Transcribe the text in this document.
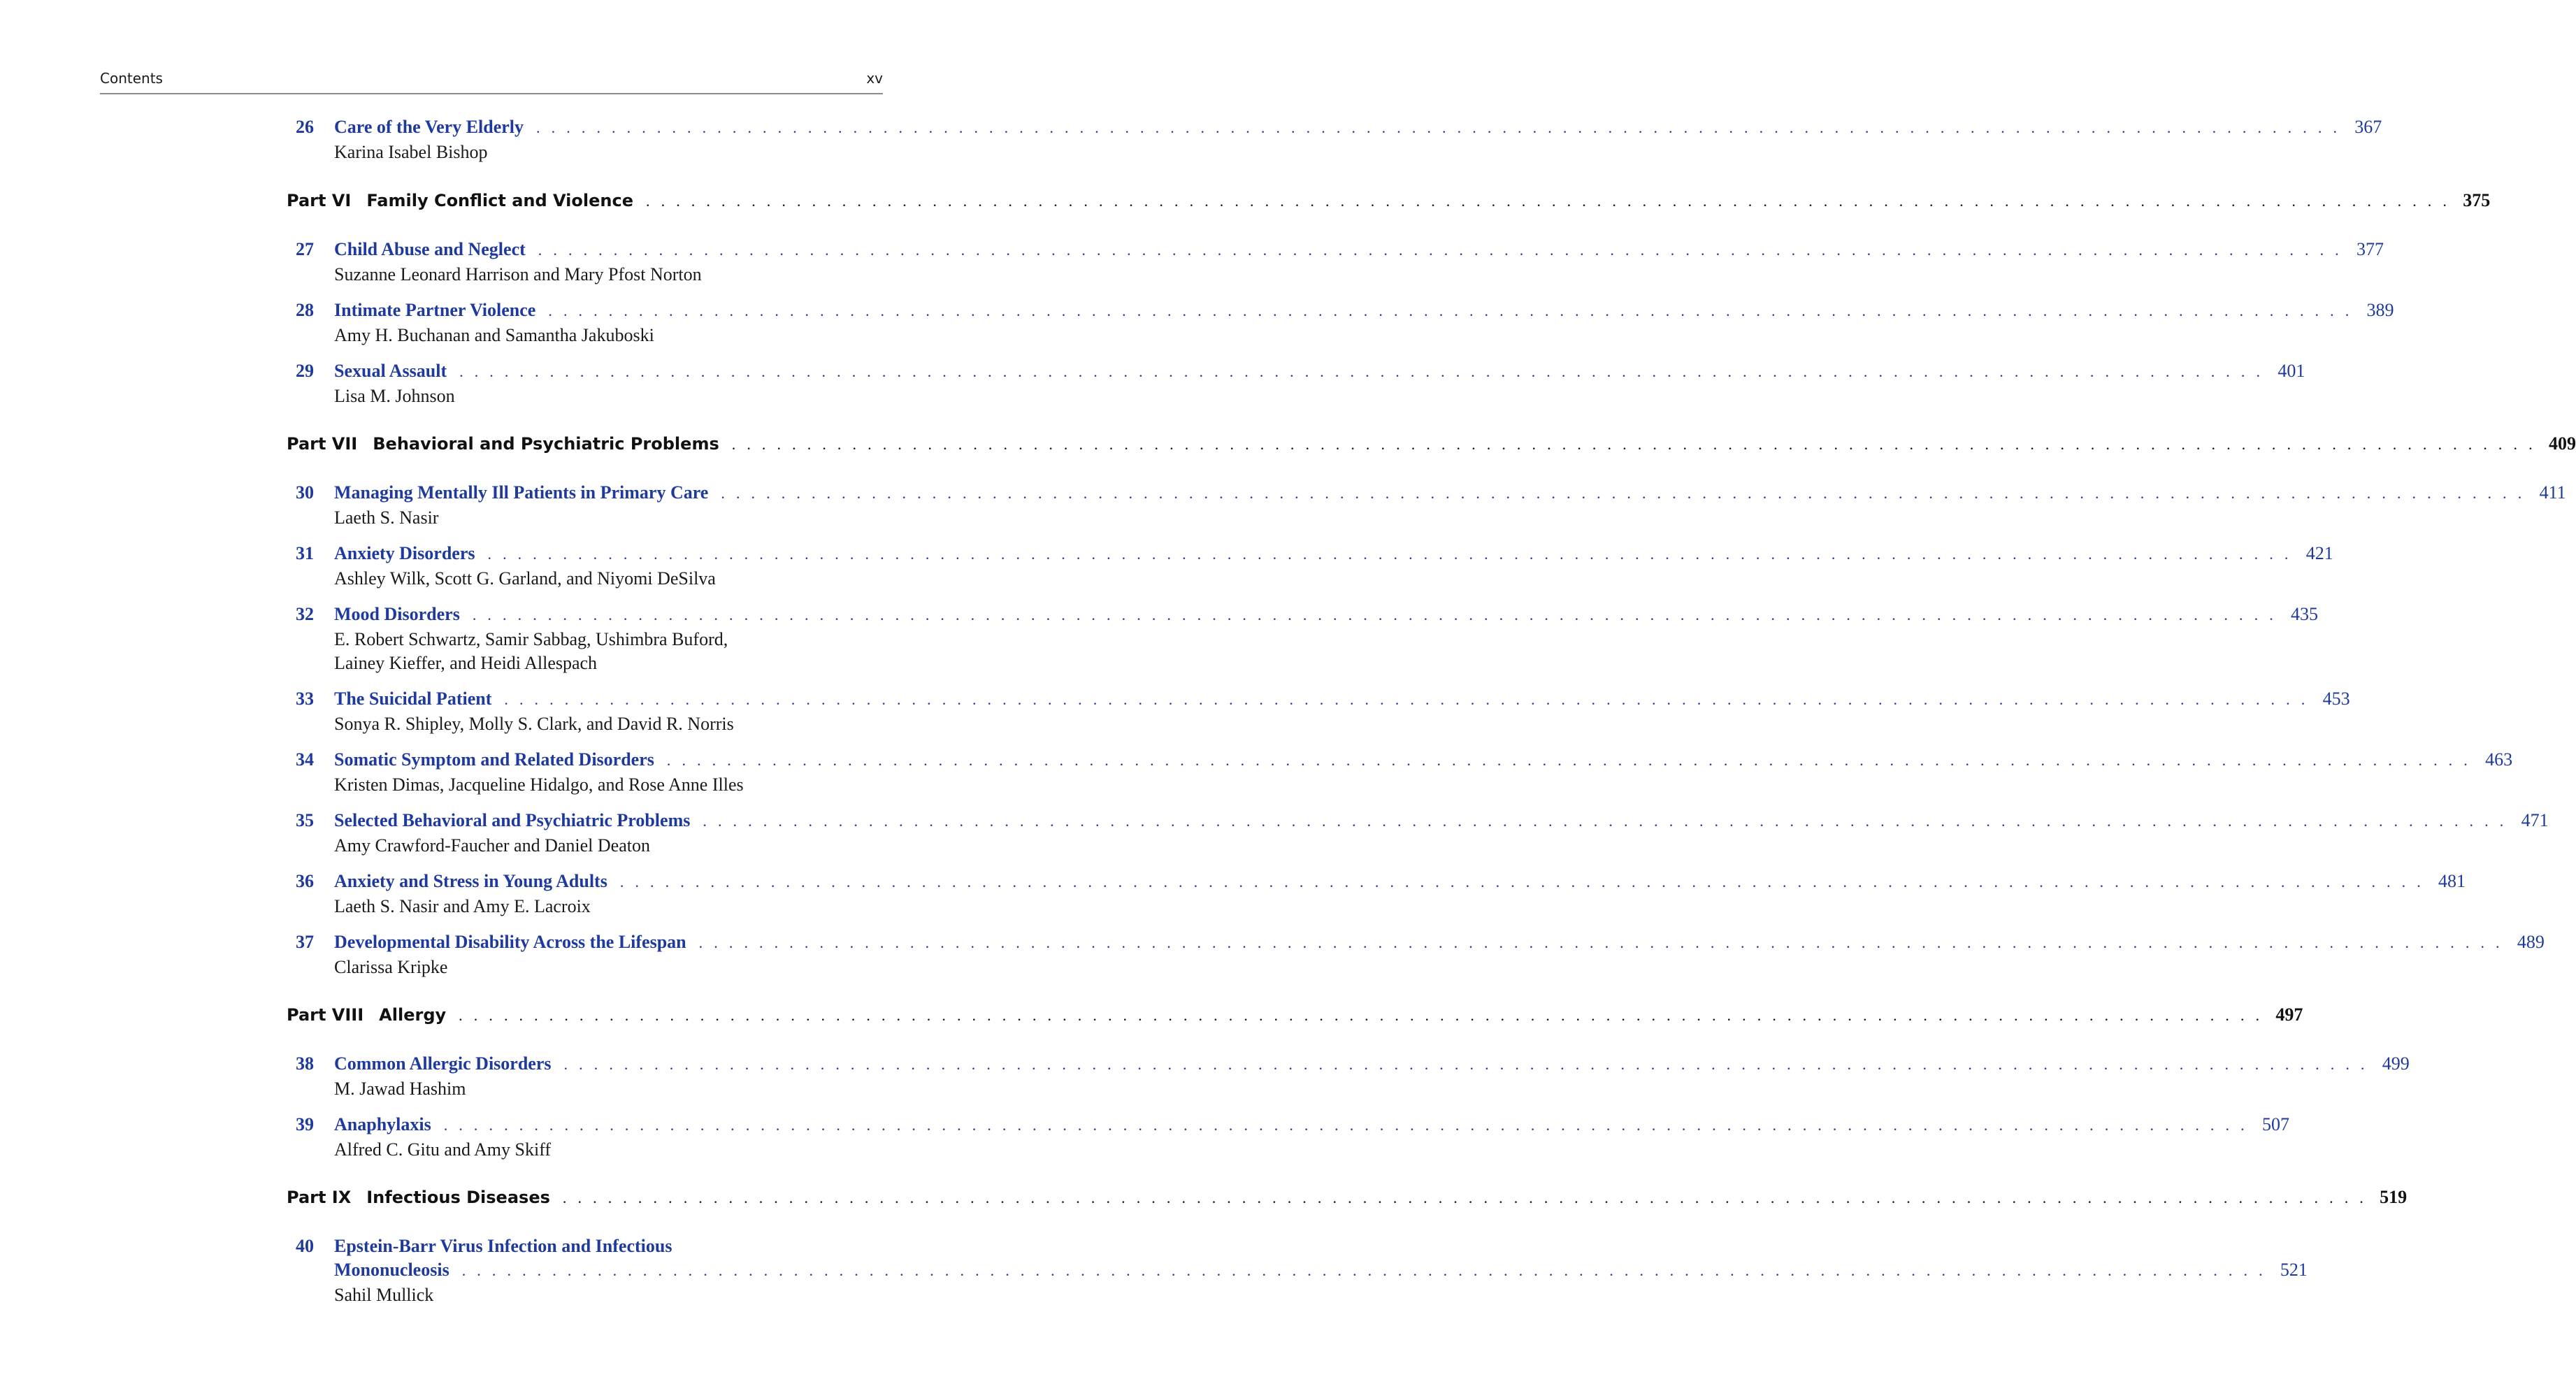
Contents	xv
26	Care of the Very Elderly . . . . . . . . . . . . . . . . . . . . . . . . . . . . . . . . . . . . . . . . . . . . . . . . . . . . . . . . . . . . . . . . . . . . . . . . . . . . . . . . . . . . . . . . . . . . . . . . . . . . . . . . . . . . . . . . . . . . . . . . 367
Karina Isabel Bishop
Part VI Family Conflict and Violence . . . . . . . . . . . . . . . . . . . . . . . . . . . . . . . . . . . . . . . . . . . . . . . . . . . . . . . . . . . . . . . . . . . . . . . . . . . . . . . . . . . . . . . . . . . . . . . . . . . . . . . . . . . . . . . . . . . . . . . . 375
27	Child Abuse and Neglect . . . . . . . . . . . . . . . . . . . . . . . . . . . . . . . . . . . . . . . . . . . . . . . . . . . . . . . . . . . . . . . . . . . . . . . . . . . . . . . . . . . . . . . . . . . . . . . . . . . . . . . . . . . . . . . . . . . . . . . . 377
Suzanne Leonard Harrison and Mary Pfost Norton
28	Intimate Partner Violence . . . . . . . . . . . . . . . . . . . . . . . . . . . . . . . . . . . . . . . . . . . . . . . . . . . . . . . . . . . . . . . . . . . . . . . . . . . . . . . . . . . . . . . . . . . . . . . . . . . . . . . . . . . . . . . . . . . . . . . . 389
Amy H. Buchanan and Samantha Jakuboski
29	Sexual Assault . . . . . . . . . . . . . . . . . . . . . . . . . . . . . . . . . . . . . . . . . . . . . . . . . . . . . . . . . . . . . . . . . . . . . . . . . . . . . . . . . . . . . . . . . . . . . . . . . . . . . . . . . . . . . . . . . . . . . . . . 401
Lisa M. Johnson
Part VII Behavioral and Psychiatric Problems . . . . . . . . . . . . . . . . . . . . . . . . . . . . . . . . . . . . . . . . . . . . . . . . . . . . . . . . . . . . . . . . . . . . . . . . . . . . . . . . . . . . . . . . . . . . . . . . . . . . . . . . . . . . . . . . . . . . . . . . 409
30	Managing Mentally Ill Patients in Primary Care . . . . . . . . . . . . . . . . . . . . . . . . . . . . . . . . . . . . . . . . . . . . . . . . . . . . . . . . . . . . . . . . . . . . . . . . . . . . . . . . . . . . . . . . . . . . . . . . . . . . . . . . . . . . . . . . . . . . . . . . 411
Laeth S. Nasir
31	Anxiety Disorders . . . . . . . . . . . . . . . . . . . . . . . . . . . . . . . . . . . . . . . . . . . . . . . . . . . . . . . . . . . . . . . . . . . . . . . . . . . . . . . . . . . . . . . . . . . . . . . . . . . . . . . . . . . . . . . . . . . . . . . . 421
Ashley Wilk, Scott G. Garland, and Niyomi DeSilva
32	Mood Disorders . . . . . . . . . . . . . . . . . . . . . . . . . . . . . . . . . . . . . . . . . . . . . . . . . . . . . . . . . . . . . . . . . . . . . . . . . . . . . . . . . . . . . . . . . . . . . . . . . . . . . . . . . . . . . . . . . . . . . . . . 435
E. Robert Schwartz, Samir Sabbag, Ushimbra Buford,
Lainey Kieffer, and Heidi Allespach
33	The Suicidal Patient . . . . . . . . . . . . . . . . . . . . . . . . . . . . . . . . . . . . . . . . . . . . . . . . . . . . . . . . . . . . . . . . . . . . . . . . . . . . . . . . . . . . . . . . . . . . . . . . . . . . . . . . . . . . . . . . . . . . . . . . 453
Sonya R. Shipley, Molly S. Clark, and David R. Norris
34	Somatic Symptom and Related Disorders . . . . . . . . . . . . . . . . . . . . . . . . . . . . . . . . . . . . . . . . . . . . . . . . . . . . . . . . . . . . . . . . . . . . . . . . . . . . . . . . . . . . . . . . . . . . . . . . . . . . . . . . . . . . . . . . . . . . . . . . 463
Kristen Dimas, Jacqueline Hidalgo, and Rose Anne Illes
35	Selected Behavioral and Psychiatric Problems . . . . . . . . . . . . . . . . . . . . . . . . . . . . . . . . . . . . . . . . . . . . . . . . . . . . . . . . . . . . . . . . . . . . . . . . . . . . . . . . . . . . . . . . . . . . . . . . . . . . . . . . . . . . . . . . . . . . . . . . 471
Amy Crawford-Faucher and Daniel Deaton
36	Anxiety and Stress in Young Adults . . . . . . . . . . . . . . . . . . . . . . . . . . . . . . . . . . . . . . . . . . . . . . . . . . . . . . . . . . . . . . . . . . . . . . . . . . . . . . . . . . . . . . . . . . . . . . . . . . . . . . . . . . . . . . . . . . . . . . . . 481
Laeth S. Nasir and Amy E. Lacroix
37	Developmental Disability Across the Lifespan . . . . . . . . . . . . . . . . . . . . . . . . . . . . . . . . . . . . . . . . . . . . . . . . . . . . . . . . . . . . . . . . . . . . . . . . . . . . . . . . . . . . . . . . . . . . . . . . . . . . . . . . . . . . . . . . . . . . . . . . 489
Clarissa Kripke
Part VIII Allergy . . . . . . . . . . . . . . . . . . . . . . . . . . . . . . . . . . . . . . . . . . . . . . . . . . . . . . . . . . . . . . . . . . . . . . . . . . . . . . . . . . . . . . . . . . . . . . . . . . . . . . . . . . . . . . . . . . . . . . . . 497
38	Common Allergic Disorders . . . . . . . . . . . . . . . . . . . . . . . . . . . . . . . . . . . . . . . . . . . . . . . . . . . . . . . . . . . . . . . . . . . . . . . . . . . . . . . . . . . . . . . . . . . . . . . . . . . . . . . . . . . . . . . . . . . . . . . . 499
M. Jawad Hashim
39	Anaphylaxis . . . . . . . . . . . . . . . . . . . . . . . . . . . . . . . . . . . . . . . . . . . . . . . . . . . . . . . . . . . . . . . . . . . . . . . . . . . . . . . . . . . . . . . . . . . . . . . . . . . . . . . . . . . . . . . . . . . . . . . . 507
Alfred C. Gitu and Amy Skiff
Part IX Infectious Diseases . . . . . . . . . . . . . . . . . . . . . . . . . . . . . . . . . . . . . . . . . . . . . . . . . . . . . . . . . . . . . . . . . . . . . . . . . . . . . . . . . . . . . . . . . . . . . . . . . . . . . . . . . . . . . . . . . . . . . . . . 519
40	Epstein-Barr Virus Infection and Infectious
Mononucleosis . . . . . . . . . . . . . . . . . . . . . . . . . . . . . . . . . . . . . . . . . . . . . . . . . . . . . . . . . . . . . . . . . . . . . . . . . . . . . . . . . . . . . . . . . . . . . . . . . . . . . . . . . . . . . . . . . . . . . . . . 521
Sahil Mullick
